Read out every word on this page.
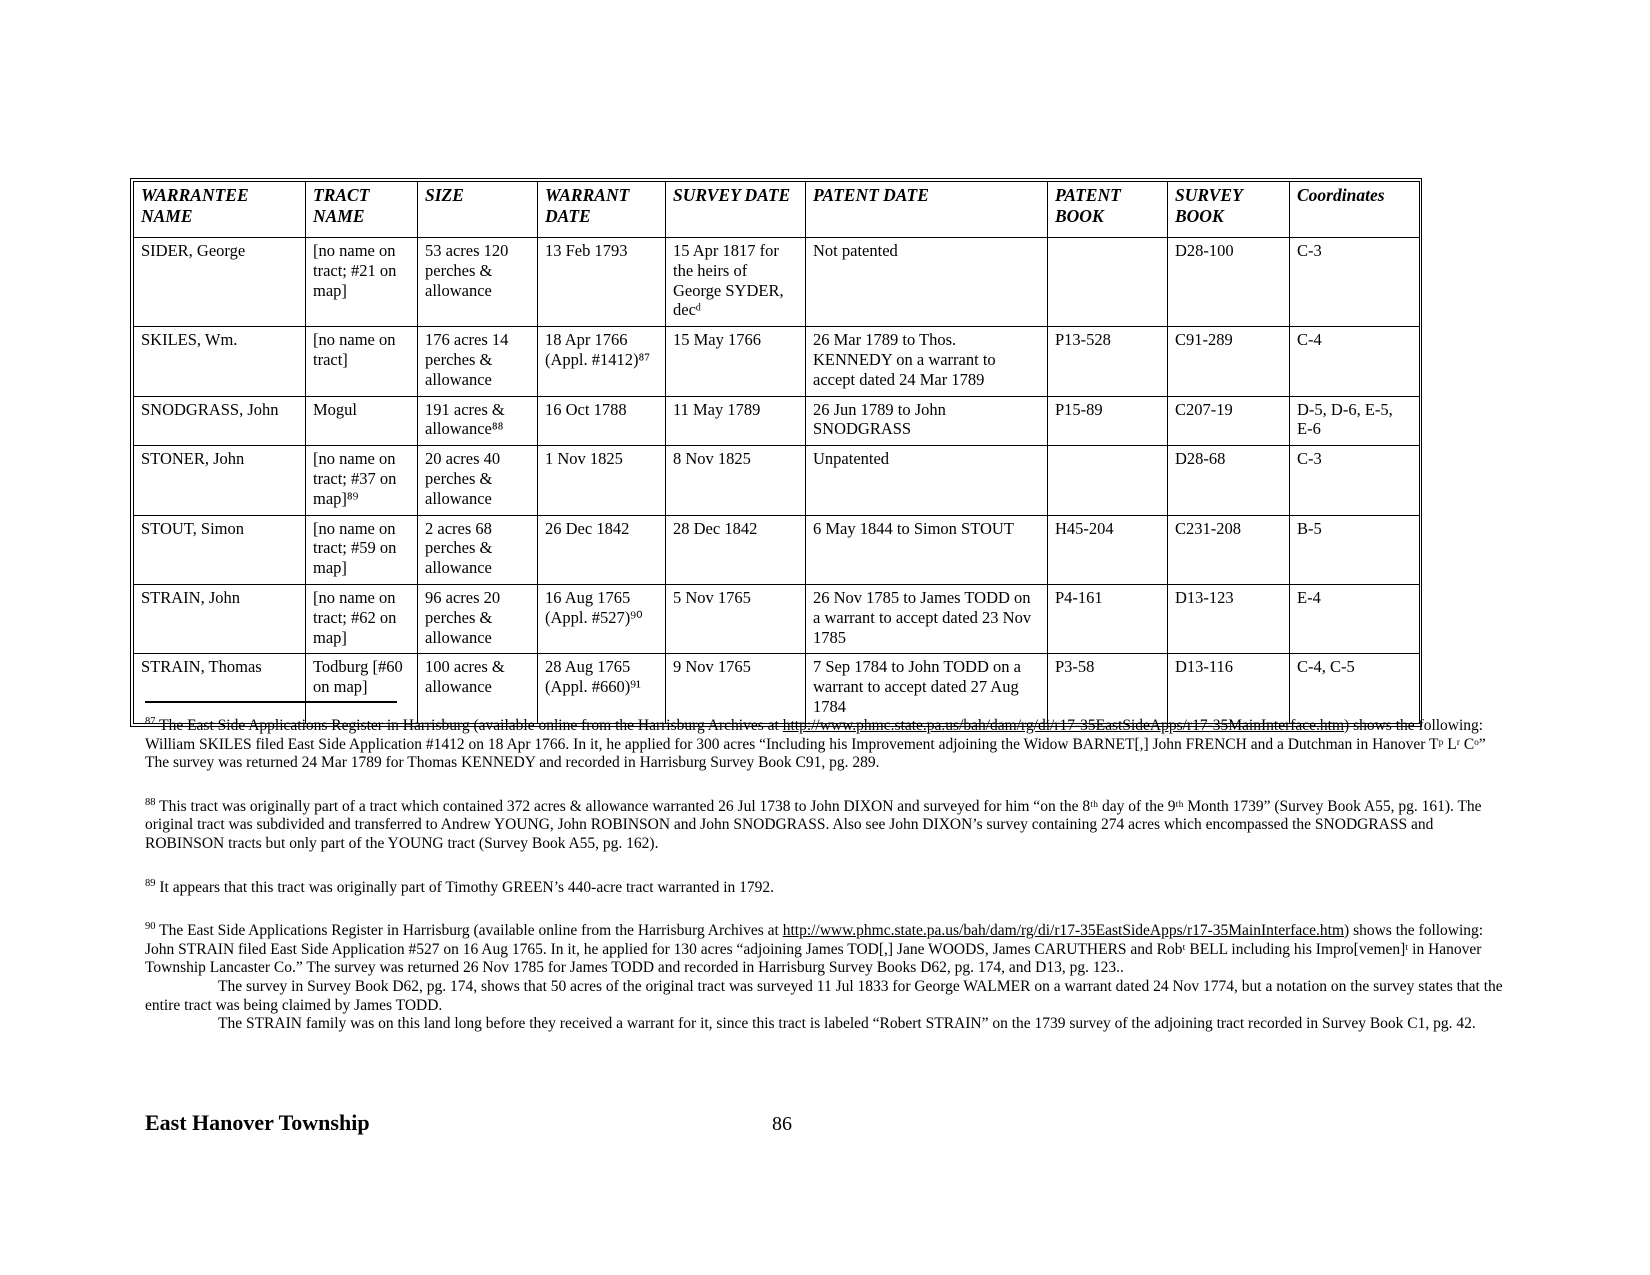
WARRANTEE NAME	TRACT NAME	SIZE	WARRANT DATE	SURVEY DATE	PATENT DATE	PATENT BOOK	SURVEY BOOK	Coordinates
SIDER, George	[no name on tract; #21 on map]	53 acres 120 perches & allowance	13 Feb 1793	15 Apr 1817 for the heirs of George SYDER, decᵈ	Not patented		D28-100	C-3
SKILES, Wm.	[no name on tract]	176 acres 14 perches & allowance	18 Apr 1766 (Appl. #1412)⁸⁷	15 May 1766	26 Mar 1789 to Thos. KENNEDY on a warrant to accept dated 24 Mar 1789	P13-528	C91-289	C-4
SNODGRASS, John	Mogul	191 acres & allowance⁸⁸	16 Oct 1788	11 May 1789	26 Jun 1789 to John SNODGRASS	P15-89	C207-19	D-5, D-6, E-5, E-6
STONER, John	[no name on tract; #37 on map]⁸⁹	20 acres 40 perches & allowance	1 Nov 1825	8 Nov 1825	Unpatented		D28-68	C-3
STOUT, Simon	[no name on tract; #59 on map]	2 acres 68 perches & allowance	26 Dec 1842	28 Dec 1842	6 May 1844 to Simon STOUT	H45-204	C231-208	B-5
STRAIN, John	[no name on tract; #62 on map]	96 acres 20 perches & allowance	16 Aug 1765 (Appl. #527)⁹⁰	5 Nov 1765	26 Nov 1785 to James TODD on a warrant to accept dated 23 Nov 1785	P4-161	D13-123	E-4
STRAIN, Thomas	Todburg [#60 on map]	100 acres & allowance	28 Aug 1765 (Appl. #660)⁹¹	9 Nov 1765	7 Sep 1784 to John TODD on a warrant to accept dated 27 Aug 1784	P3-58	D13-116	C-4, C-5
$^{87}$ The East Side Applications Register in Harrisburg (available online from the Harrisburg Archives at http://www.phmc.state.pa.us/bah/dam/rg/di/r17-35EastSideApps/r17-35MainInterface.htm) shows the following: William SKILES filed East Side Application #1412 on 18 Apr 1766. In it, he applied for 300 acres “Including his Improvement adjoining the Widow BARNET[,] John FRENCH and a Dutchman in Hanover Tᵖ Lʳ Cᵒ” The survey was returned 24 Mar 1789 for Thomas KENNEDY and recorded in Harrisburg Survey Book C91, pg. 289.
$^{88}$ This tract was originally part of a tract which contained 372 acres & allowance warranted 26 Jul 1738 to John DIXON and surveyed for him “on the 8ᵗʰ day of the 9ᵗʰ Month 1739” (Survey Book A55, pg. 161). The original tract was subdivided and transferred to Andrew YOUNG, John ROBINSON and John SNODGRASS. Also see John DIXON’s survey containing 274 acres which encompassed the SNODGRASS and ROBINSON tracts but only part of the YOUNG tract (Survey Book A55, pg. 162).
$^{89}$ It appears that this tract was originally part of Timothy GREEN’s 440-acre tract warranted in 1792.
$^{90}$ The East Side Applications Register in Harrisburg (available online from the Harrisburg Archives at http://www.phmc.state.pa.us/bah/dam/rg/di/r17-35EastSideApps/r17-35MainInterface.htm) shows the following: John STRAIN filed East Side Application #527 on 16 Aug 1765. In it, he applied for 130 acres “adjoining James TOD[,] Jane WOODS, James CARUTHERS and Robᵗ BELL including his Impro[vemen]ᵗ in Hanover Township Lancaster Co.” The survey was returned 26 Nov 1785 for James TODD and recorded in Harrisburg Survey Books D62, pg. 174, and D13, pg. 123..
The survey in Survey Book D62, pg. 174, shows that 50 acres of the original tract was surveyed 11 Jul 1833 for George WALMER on a warrant dated 24 Nov 1774, but a notation on the survey states that the entire tract was being claimed by James TODD.
The STRAIN family was on this land long before they received a warrant for it, since this tract is labeled “Robert STRAIN” on the 1739 survey of the adjoining tract recorded in Survey Book C1, pg. 42.
East Hanover Township	86
